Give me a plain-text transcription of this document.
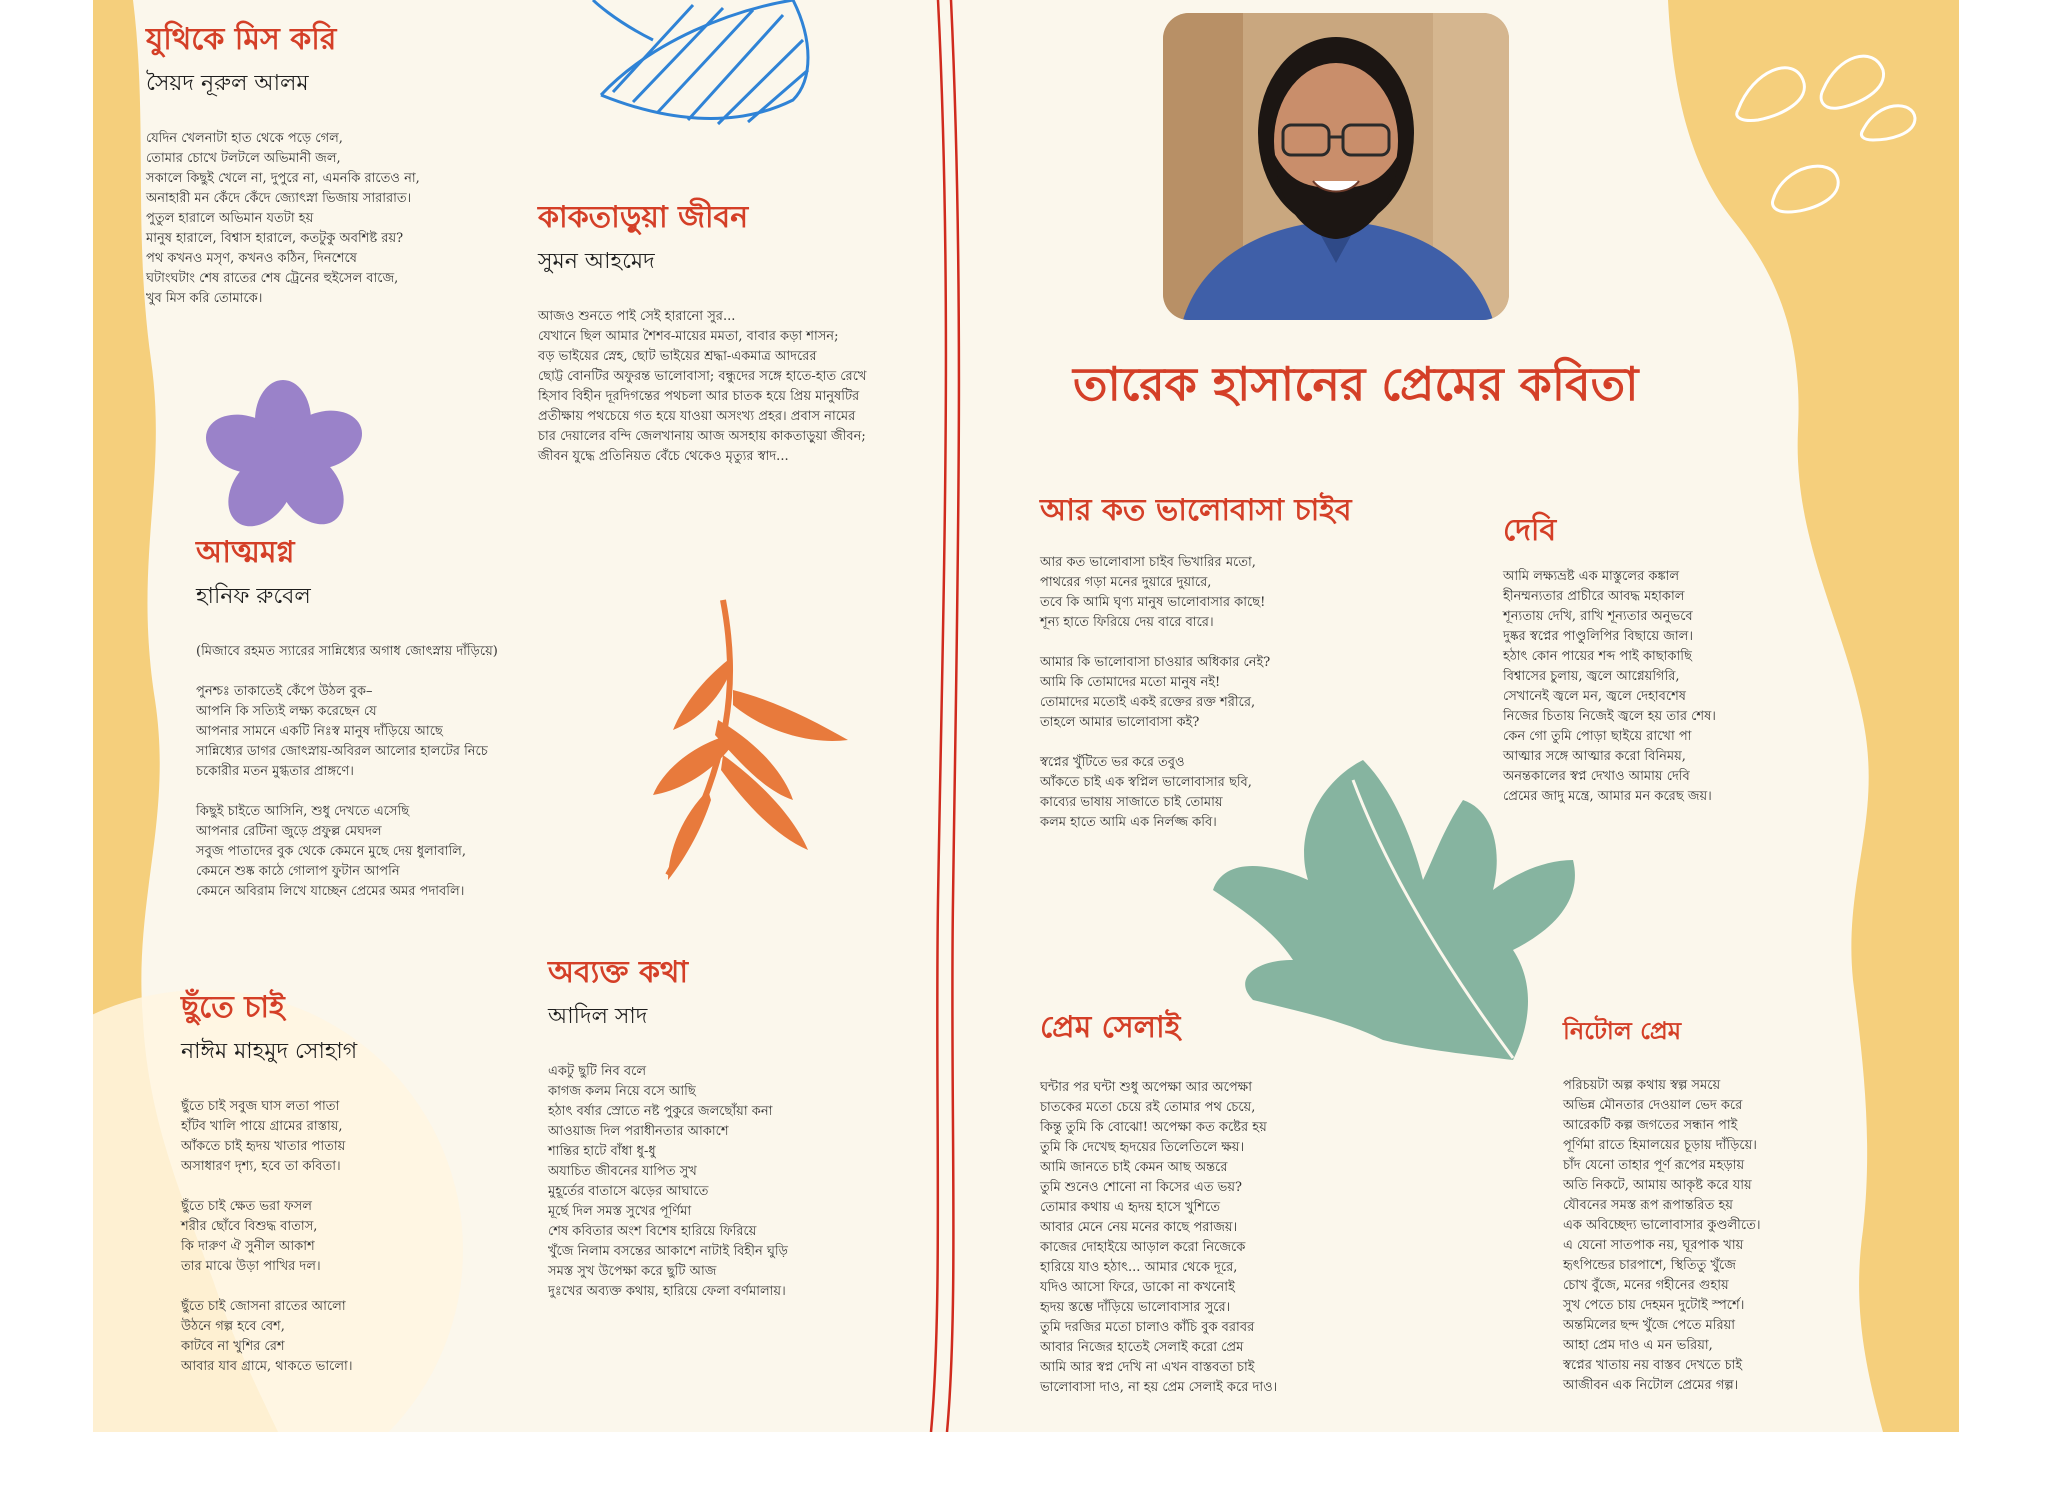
তারেক হাসানের প্রেমের কবিতা
যুথিকে মিস করি
সৈয়দ নূরুল আলম
যেদিন খেলনাটা হাত থেকে পড়ে গেল,
তোমার চোখে টলটলে অভিমানী জল,
সকালে কিছুই খেলে না, দুপুরে না, এমনকি রাতেও না,
অনাহারী মন কেঁদে কেঁদে জ্যোৎস্না ভিজায় সারারাত।
পুতুল হারালে অভিমান যতটা হয়
মানুষ হারালে, বিশ্বাস হারালে, কতটুকু অবশিষ্ট রয়?
পথ কখনও মসৃণ, কখনও কঠিন, দিনশেষে
ঘটাংঘটাং শেষ রাতের শেষ ট্রেনের হুইসেল বাজে,
খুব মিস করি তোমাকে।
কাকতাড়ুয়া জীবন
সুমন আহমেদ
আজও শুনতে পাই সেই হারানো সুর...
যেখানে ছিল আমার শৈশব-মায়ের মমতা, বাবার কড়া শাসন;
বড় ভাইয়ের স্নেহ, ছোট ভাইয়ের শ্রদ্ধা-একমাত্র আদরের
ছোট্ট বোনটির অফুরন্ত ভালোবাসা; বন্ধুদের সঙ্গে হাতে-হাত রেখে
হিসাব বিহীন দূরদিগন্তের পথচলা আর চাতক হয়ে প্রিয় মানুষটির
প্রতীক্ষায় পথচেয়ে গত হয়ে যাওয়া অসংখ্য প্রহর। প্রবাস নামের
চার দেয়ালের বন্দি জেলখানায় আজ অসহায় কাকতাড়ুয়া জীবন;
জীবন যুদ্ধে প্রতিনিয়ত বেঁচে থেকেও মৃত্যুর স্বাদ...
আত্মমগ্ন
হানিফ রুবেল
(মিজাবে রহমত স্যারের সান্নিধ্যের অগাধ জোৎস্নায় দাঁড়িয়ে)
পুনশ্চঃ তাকাতেই কেঁপে উঠল বুক–
আপনি কি সত্যিই লক্ষ্য করেছেন যে
আপনার সামনে একটি নিঃস্ব মানুষ দাঁড়িয়ে আছে
সান্নিধ্যের ডাগর জোৎস্নায়-অবিরল আলোর হালটের নিচে
চকোরীর মতন মুগ্ধতার প্রাঙ্গণে।
কিছুই চাইতে আসিনি, শুধু দেখতে এসেছি
আপনার রেটিনা জুড়ে প্রফুল্ল মেঘদল
সবুজ পাতাদের বুক থেকে কেমনে মুছে দেয় ধুলাবালি,
কেমনে শুষ্ক কাঠে গোলাপ ফুটান আপনি
কেমনে অবিরাম লিখে যাচ্ছেন প্রেমের অমর পদাবলি।
অব্যক্ত কথা
আদিল সাদ
একটু ছুটি নিব বলে
কাগজ কলম নিয়ে বসে আছি
হঠাৎ বর্ষার স্রোতে নষ্ট পুকুরে জলছোঁয়া কনা
আওয়াজ দিল পরাধীনতার আকাশে
শান্তির হাটে বাঁধা ধু-ধু
অযাচিত জীবনের যাপিত সুখ
মুহূর্তের বাতাসে ঝড়ের আঘাতে
মূর্ছে দিল সমস্ত সুখের পূর্ণিমা
শেষ কবিতার অংশ বিশেষ হারিয়ে ফিরিয়ে
খুঁজে নিলাম বসন্তের আকাশে নাটাই বিহীন ঘুড়ি
সমস্ত সুখ উপেক্ষা করে ছুটি আজ
দুঃখের অব্যক্ত কথায়, হারিয়ে ফেলা বর্ণমালায়।
ছুঁতে চাই
নাঈম মাহমুদ সোহাগ
ছুঁতে চাই সবুজ ঘাস লতা পাতা
হাঁটব খালি পায়ে গ্রামের রাস্তায়,
আঁকতে চাই হৃদয় খাতার পাতায়
অসাধারণ দৃশ্য, হবে তা কবিতা।
ছুঁতে চাই ক্ষেত ভরা ফসল
শরীর ছোঁবে বিশুদ্ধ বাতাস,
কি দারুণ ঐ সুনীল আকাশ
তার মাঝে উড়া পাখির দল।
ছুঁতে চাই জোসনা রাতের আলো
উঠনে গল্প হবে বেশ,
কাটবে না খুশির রেশ
আবার যাব গ্রামে, থাকতে ভালো।
আর কত ভালোবাসা চাইব
আর কত ভালোবাসা চাইব ভিখারির মতো,
পাথরের গড়া মনের দুয়ারে দুয়ারে,
তবে কি আমি ঘৃণ্য মানুষ ভালোবাসার কাছে!
শূন্য হাতে ফিরিয়ে দেয় বারে বারে।
আমার কি ভালোবাসা চাওয়ার অধিকার নেই?
আমি কি তোমাদের মতো মানুষ নই!
তোমাদের মতোই একই রক্তের রক্ত শরীরে,
তাহলে আমার ভালোবাসা কই?
স্বপ্নের খুঁটিতে ভর করে তবুও
আঁকতে চাই এক স্বপ্নিল ভালোবাসার ছবি,
কাব্যের ভাষায় সাজাতে চাই তোমায়
কলম হাতে আমি এক নির্লজ্জ কবি।
দেবি
আমি লক্ষ্যভ্রষ্ট এক মাস্তুলের কঙ্কাল
হীনম্মন্যতার প্রাচীরে আবদ্ধ মহাকাল
শূন্যতায় দেখি, রাখি শূন্যতার অনুভবে
দুষ্কর স্বপ্নের পাণ্ডুলিপির বিছায়ে জাল।
হঠাৎ কোন পায়ের শব্দ পাই কাছাকাছি
বিশ্বাসের চুলায়, জ্বলে আগ্নেয়গিরি,
সেখানেই জ্বলে মন, জ্বলে দেহাবশেষ
নিজের চিতায় নিজেই জ্বলে হয় তার শেষ।
কেন গো তুমি পোড়া ছাইয়ে রাখো পা
আত্মার সঙ্গে আত্মার করো বিনিময়,
অনন্তকালের স্বপ্ন দেখাও আমায় দেবি
প্রেমের জাদু মন্ত্রে, আমার মন করেছ জয়।
প্রেম সেলাই
ঘন্টার পর ঘন্টা শুধু অপেক্ষা আর অপেক্ষা
চাতকের মতো চেয়ে রই তোমার পথ চেয়ে,
কিন্তু তুমি কি বোঝো! অপেক্ষা কত কষ্টের হয়
তুমি কি দেখেছ হৃদয়ের তিলেতিলে ক্ষয়।
আমি জানতে চাই কেমন আছ অন্তরে
তুমি শুনেও শোনো না কিসের এত ভয়?
তোমার কথায় এ হৃদয় হাসে খুশিতে
আবার মেনে নেয় মনের কাছে পরাজয়।
কাজের দোহাইয়ে আড়াল করো নিজেকে
হারিয়ে যাও হঠাৎ... আমার থেকে দূরে,
যদিও আসো ফিরে, ডাকো না কখনোই
হৃদয় স্তম্ভে দাঁড়িয়ে ভালোবাসার সুরে।
তুমি দরজির মতো চালাও কাঁচি বুক বরাবর
আবার নিজের হাতেই সেলাই করো প্রেম
আমি আর স্বপ্ন দেখি না এখন বাস্তবতা চাই
ভালোবাসা দাও, না হয় প্রেম সেলাই করে দাও।
নিটোল প্রেম
পরিচয়টা অল্প কথায় স্বল্প সময়ে
অভিন্ন মৌনতার দেওয়াল ভেদ করে
আরেকটি কল্প জগতের সন্ধান পাই
পূর্ণিমা রাতে হিমালয়ের চূড়ায় দাঁড়িয়ে।
চাঁদ যেনো তাহার পূর্ণ রূপের মহড়ায়
অতি নিকটে, আমায় আকৃষ্ট করে যায়
যৌবনের সমস্ত রূপ রূপান্তরিত হয়
এক অবিচ্ছেদ্য ভালোবাসার কুণ্ডলীতে।
এ যেনো সাতপাক নয়, ঘূরপাক খায়
হৃৎপিন্ডের চারপাশে, স্থিতিতু খুঁজে
চোখ বুঁজে, মনের গহীনের গুহায়
সুখ পেতে চায় দেহমন দুটোই স্পর্শে।
অন্তমিলের ছন্দ খুঁজে পেতে মরিয়া
আহা প্রেম দাও এ মন ভরিয়া,
স্বপ্নের খাতায় নয় বাস্তব দেখতে চাই
আজীবন এক নিটোল প্রেমের গল্প।
